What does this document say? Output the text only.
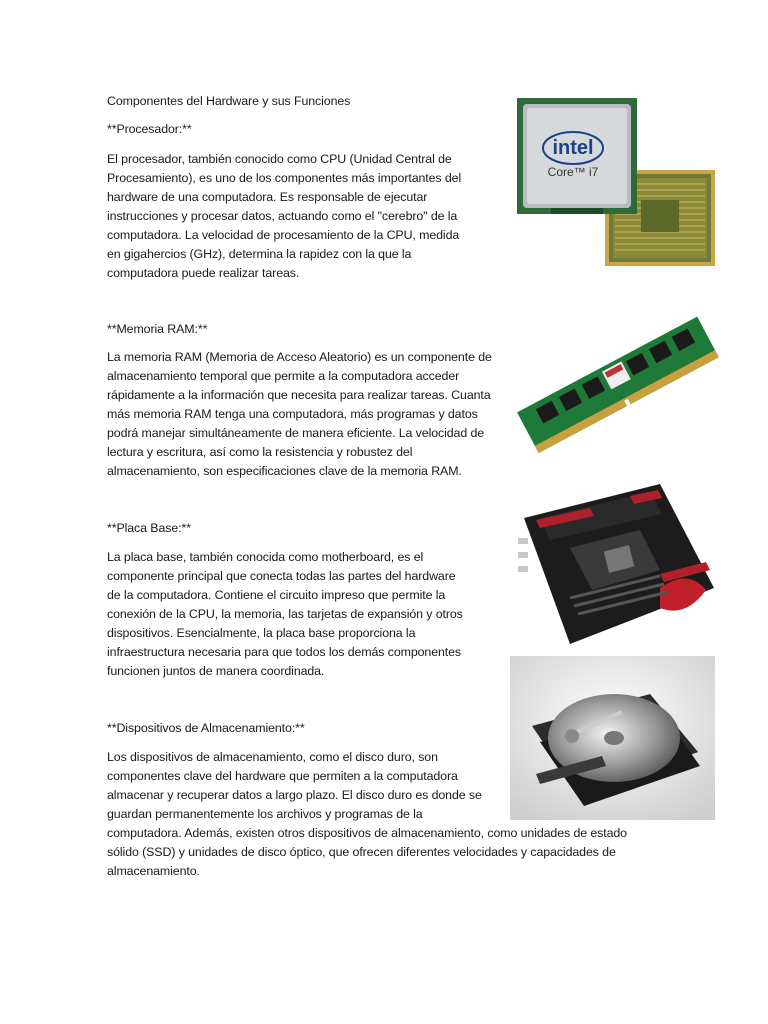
Componentes del Hardware y sus Funciones

**Procesador:**

El procesador, también conocido como CPU (Unidad Central de Procesamiento), es uno de los componentes más importantes del hardware de una computadora. Es responsable de ejecutar instrucciones y procesar datos, actuando como el "cerebro" de la computadora. La velocidad de procesamiento de la CPU, medida en gigahercios (GHz), determina la rapidez con la que la computadora puede realizar tareas.

**Memoria RAM:**

La memoria RAM (Memoria de Acceso Aleatorio) es un componente de almacenamiento temporal que permite a la computadora acceder rápidamente a la información que necesita para realizar tareas. Cuanta más memoria RAM tenga una computadora, más programas y datos podrá manejar simultáneamente de manera eficiente. La velocidad de lectura y escritura, así como la resistencia y robustez del almacenamiento, son especificaciones clave de la memoria RAM.

**Placa Base:**

La placa base, también conocida como motherboard, es el componente principal que conecta todas las partes del hardware de la computadora. Contiene el circuito impreso que permite la conexión de la CPU, la memoria, las tarjetas de expansión y otros dispositivos. Esencialmente, la placa base proporciona la infraestructura necesaria para que todos los demás componentes funcionen juntos de manera coordinada.

**Dispositivos de Almacenamiento:**

Los dispositivos de almacenamiento, como el disco duro, son componentes clave del hardware que permiten a la computadora almacenar y recuperar datos a largo plazo. El disco duro es donde se guardan permanentemente los archivos y programas de la
computadora. Además, existen otros dispositivos de almacenamiento, como unidades de estado sólido (SSD) y unidades de disco óptico, que ofrecen diferentes velocidades y capacidades de almacenamiento.

intel
Core™ i7
